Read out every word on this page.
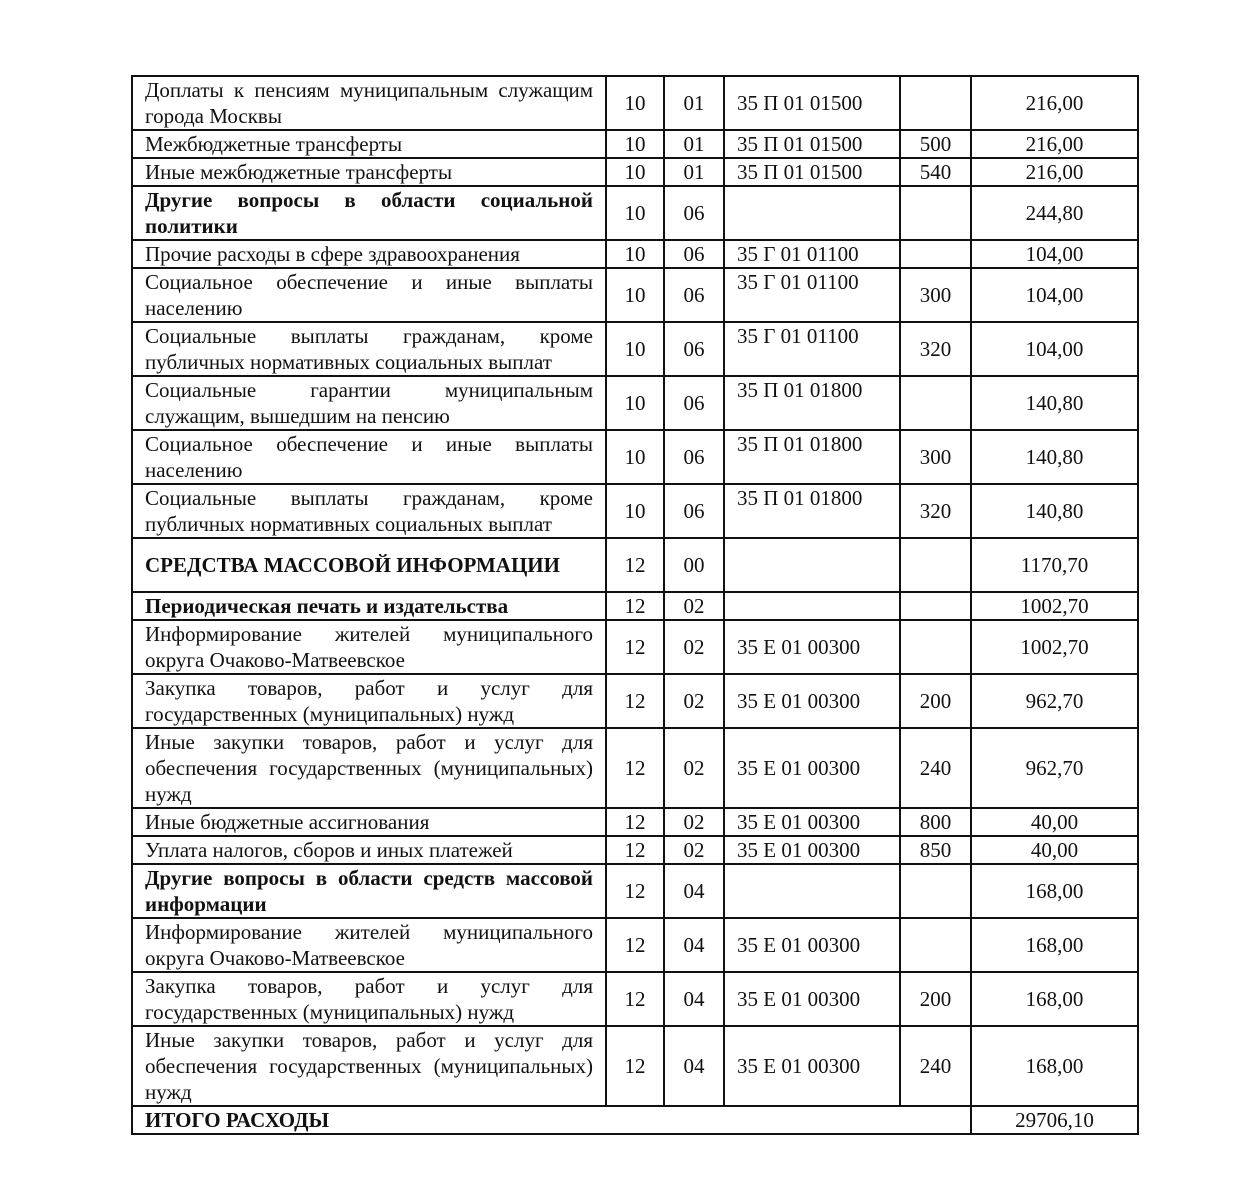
Доплаты к пенсиям муниципальным служащим города Москвы	10	01	35 П 01 01500		216,00
Межбюджетные трансферты	10	01	35 П 01 01500	500	216,00
Иные межбюджетные трансферты	10	01	35 П 01 01500	540	216,00
Другие вопросы в области социальной политики	10	06			244,80
Прочие расходы в сфере здравоохранения	10	06	35 Г 01 01100		104,00
Социальное обеспечение и иные выплаты населению	10	06	35 Г 01 01100	300	104,00
Социальные выплаты гражданам, кроме публичных нормативных социальных выплат	10	06	35 Г 01 01100	320	104,00
Социальные гарантии муниципальным служащим, вышедшим на пенсию	10	06	35 П 01 01800		140,80
Социальное обеспечение и иные выплаты населению	10	06	35 П 01 01800	300	140,80
Социальные выплаты гражданам, кроме публичных нормативных социальных выплат	10	06	35 П 01 01800	320	140,80
СРЕДСТВА МАССОВОЙ ИНФОРМАЦИИ	12	00			1170,70
Периодическая печать и издательства	12	02			1002,70
Информирование жителей муниципального округа Очаково-Матвеевское	12	02	35 Е 01 00300		1002,70
Закупка товаров, работ и услуг для государственных (муниципальных) нужд	12	02	35 Е 01 00300	200	962,70
Иные закупки товаров, работ и услуг для обеспечения государственных (муниципальных) нужд	12	02	35 Е 01 00300	240	962,70
Иные бюджетные ассигнования	12	02	35 Е 01 00300	800	40,00
Уплата налогов, сборов и иных платежей	12	02	35 Е 01 00300	850	40,00
Другие вопросы в области средств массовой информации	12	04			168,00
Информирование жителей муниципального округа Очаково-Матвеевское	12	04	35 Е 01 00300		168,00
Закупка товаров, работ и услуг для государственных (муниципальных) нужд	12	04	35 Е 01 00300	200	168,00
Иные закупки товаров, работ и услуг для обеспечения государственных (муниципальных) нужд	12	04	35 Е 01 00300	240	168,00
ИТОГО РАСХОДЫ					29706,10
